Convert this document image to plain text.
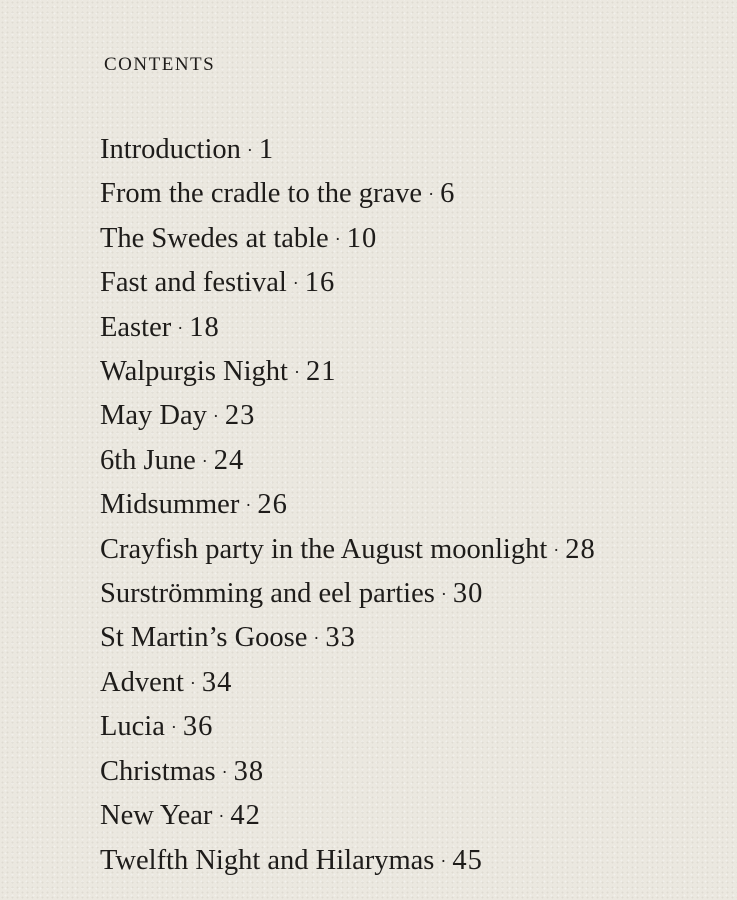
CONTENTS
Introduction · 1
From the cradle to the grave · 6
The Swedes at table · 10
Fast and festival · 16
Easter · 18
Walpurgis Night · 21
May Day · 23
6th June · 24
Midsummer · 26
Crayfish party in the August moonlight · 28
Surströmming and eel parties · 30
St Martin’s Goose · 33
Advent · 34
Lucia · 36
Christmas · 38
New Year · 42
Twelfth Night and Hilarymas · 45
